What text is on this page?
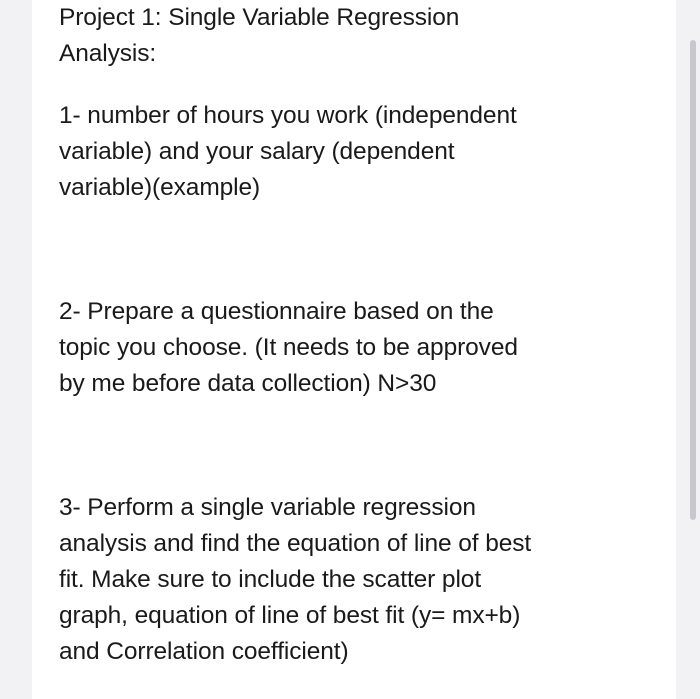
Project 1: Single Variable Regression
Analysis:

1- number of hours you work (independent
variable) and your salary (dependent
variable)(example)

2- Prepare a questionnaire based on the
topic you choose. (It needs to be approved
by me before data collection) N>30

3- Perform a single variable regression
analysis and find the equation of line of best
fit. Make sure to include the scatter plot
graph, equation of line of best fit (y= mx+b)
and Correlation coefficient)
